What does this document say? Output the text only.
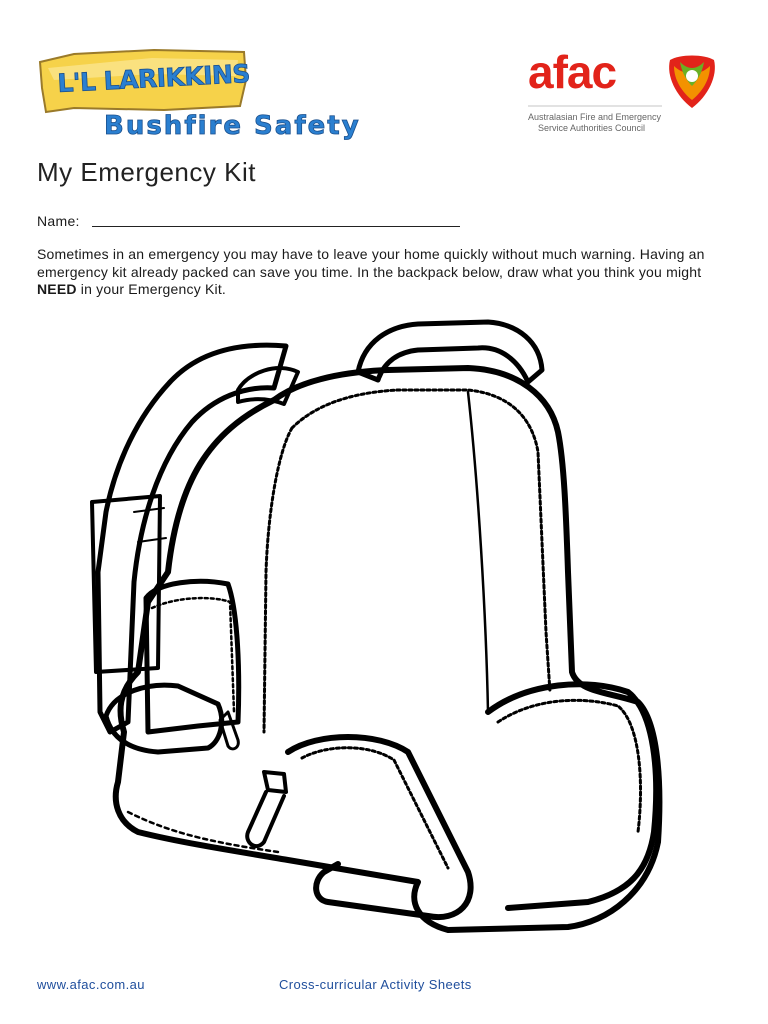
L'L LARIKKINS
Bushfire Safety
afac
Australasian Fire and Emergency
Service Authorities Council
My Emergency Kit
Name:

Sometimes in an emergency you may have to leave your home quickly without much warning. Having an emergency kit already packed can save you time. In the backpack below, draw what you think you might NEED in your Emergency Kit.

www.afac.com.au	Cross-curricular Activity Sheets
